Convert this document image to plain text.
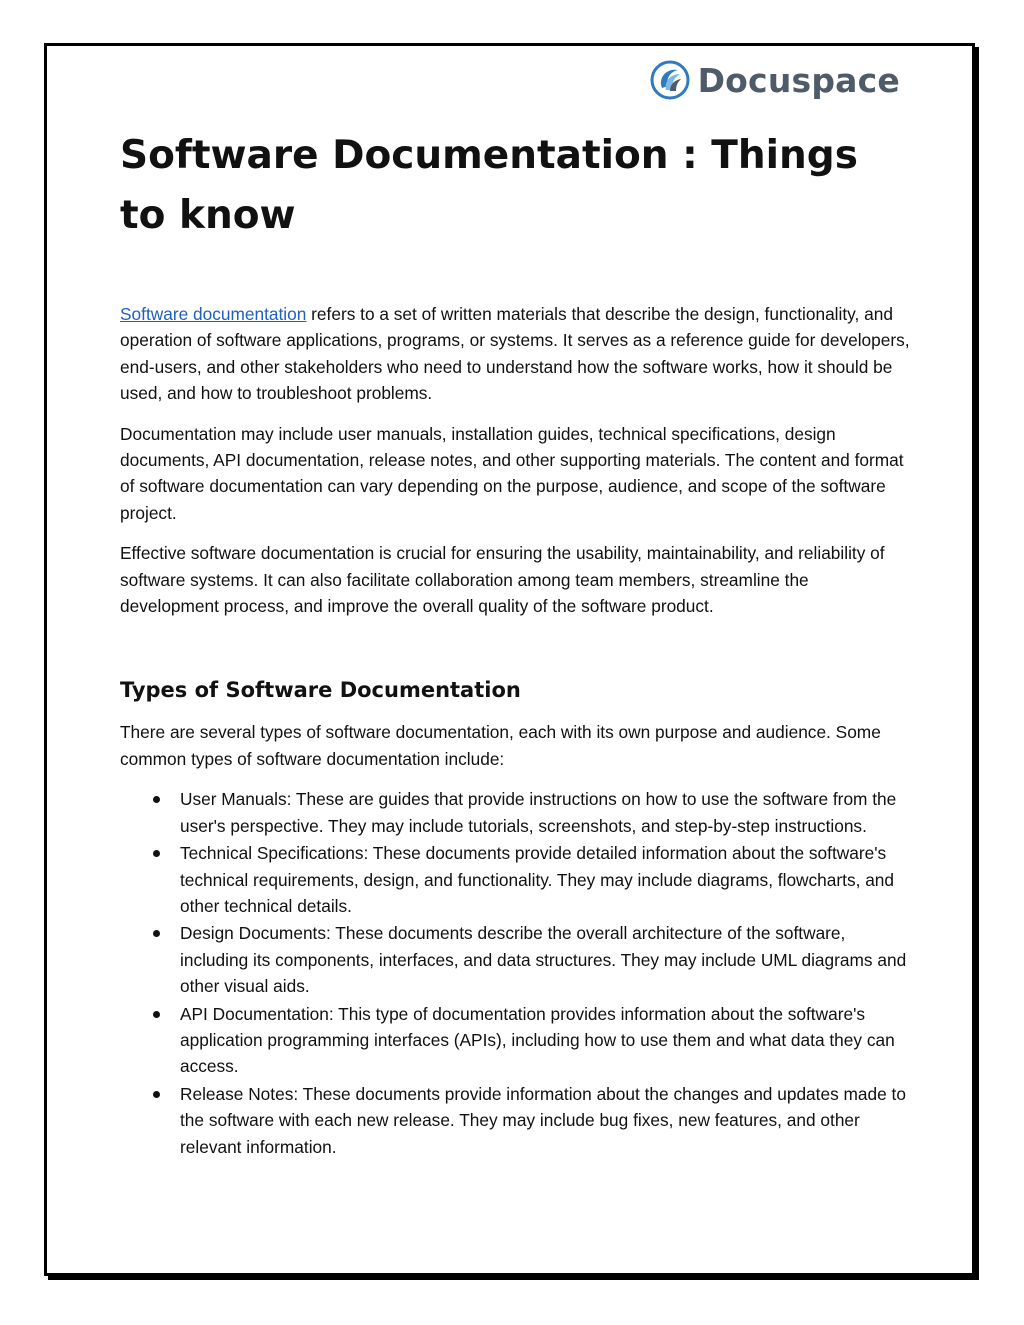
Docuspace
Software Documentation : Things to know

Software documentation refers to a set of written materials that describe the design, functionality, and operation of software applications, programs, or systems. It serves as a reference guide for developers, end-users, and other stakeholders who need to understand how the software works, how it should be used, and how to troubleshoot problems.

Documentation may include user manuals, installation guides, technical specifications, design documents, API documentation, release notes, and other supporting materials. The content and format of software documentation can vary depending on the purpose, audience, and scope of the software project.

Effective software documentation is crucial for ensuring the usability, maintainability, and reliability of software systems. It can also facilitate collaboration among team members, streamline the development process, and improve the overall quality of the software product.

Types of Software Documentation

There are several types of software documentation, each with its own purpose and audience. Some common types of software documentation include:

User Manuals: These are guides that provide instructions on how to use the software from the user's perspective. They may include tutorials, screenshots, and step-by-step instructions.
Technical Specifications: These documents provide detailed information about the software's technical requirements, design, and functionality. They may include diagrams, flowcharts, and other technical details.
Design Documents: These documents describe the overall architecture of the software, including its components, interfaces, and data structures. They may include UML diagrams and other visual aids.
API Documentation: This type of documentation provides information about the software's application programming interfaces (APIs), including how to use them and what data they can access.
Release Notes: These documents provide information about the changes and updates made to the software with each new release. They may include bug fixes, new features, and other relevant information.
